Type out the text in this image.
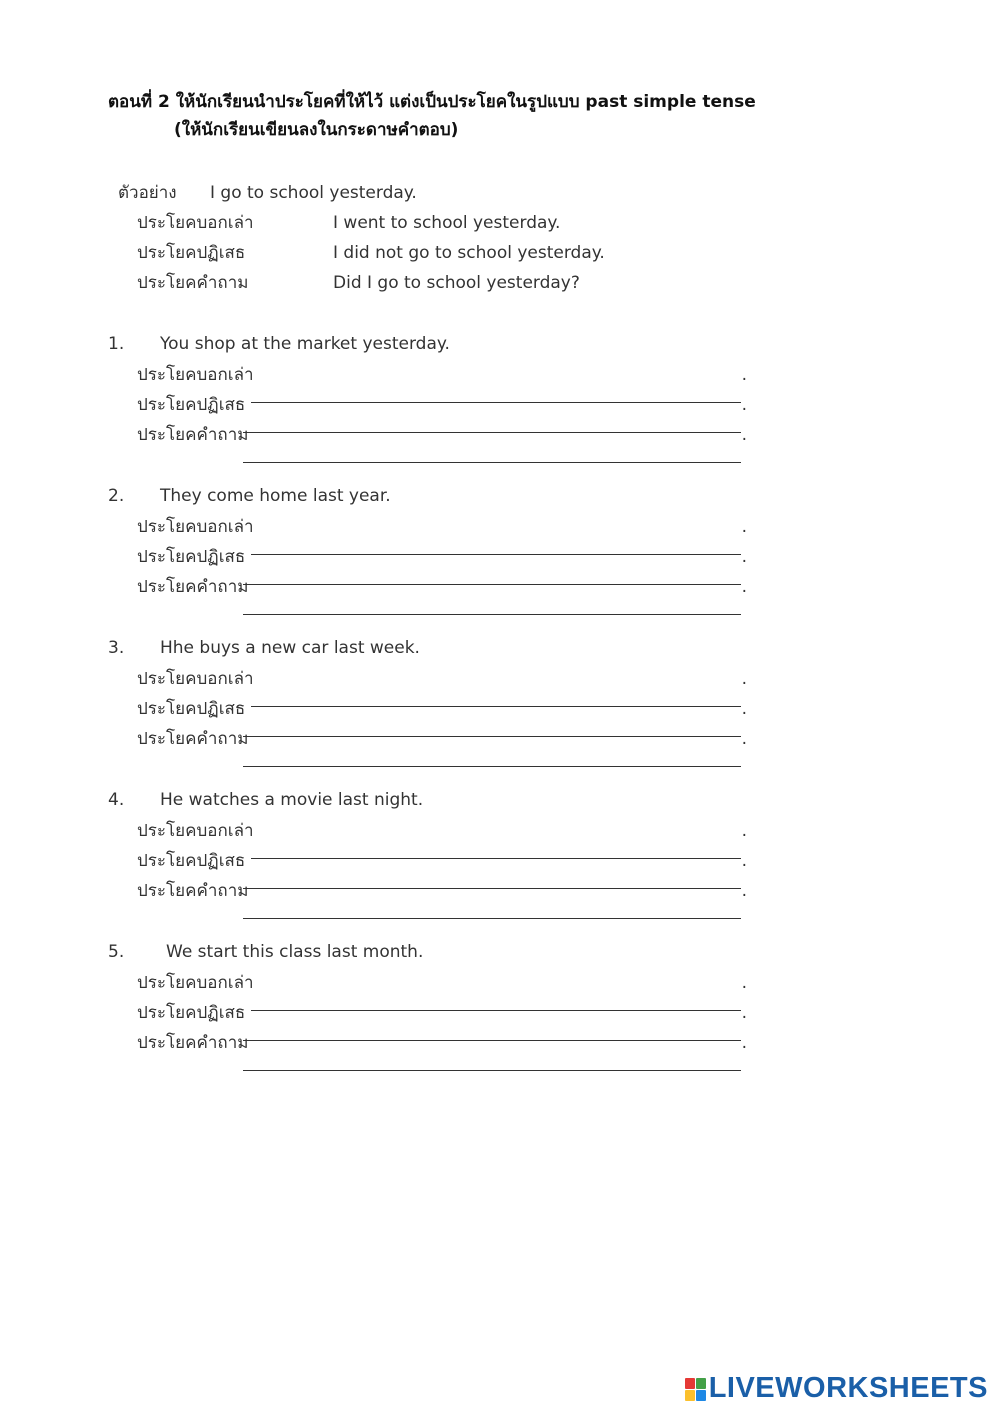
ตอนที่ 2 ให้นักเรียนนำประโยคที่ให้ไว้ แต่งเป็นประโยคในรูปแบบ past simple tense
(ให้นักเรียนเขียนลงในกระดาษคำตอบ)
ตัวอย่าง I go to school yesterday.
ประโยคบอกเล่า	I went to school yesterday.
ประโยคปฏิเสธ	I did not go to school yesterday.
ประโยคคำถาม	Did I go to school yesterday?
1. You shop at the market yesterday.
ประโยคบอกเล่า	.
ประโยคปฏิเสธ	.
ประโยคคำถาม	.
2. They come home last year.
ประโยคบอกเล่า	.
ประโยคปฏิเสธ	.
ประโยคคำถาม	.
3. Hhe buys a new car last week.
ประโยคบอกเล่า	.
ประโยคปฏิเสธ	.
ประโยคคำถาม	.
4. He watches a movie last night.
ประโยคบอกเล่า	.
ประโยคปฏิเสธ	.
ประโยคคำถาม	.
5. We start this class last month.
ประโยคบอกเล่า	.
ประโยคปฏิเสธ	.
ประโยคคำถาม	.
LIVEWORKSHEETS
